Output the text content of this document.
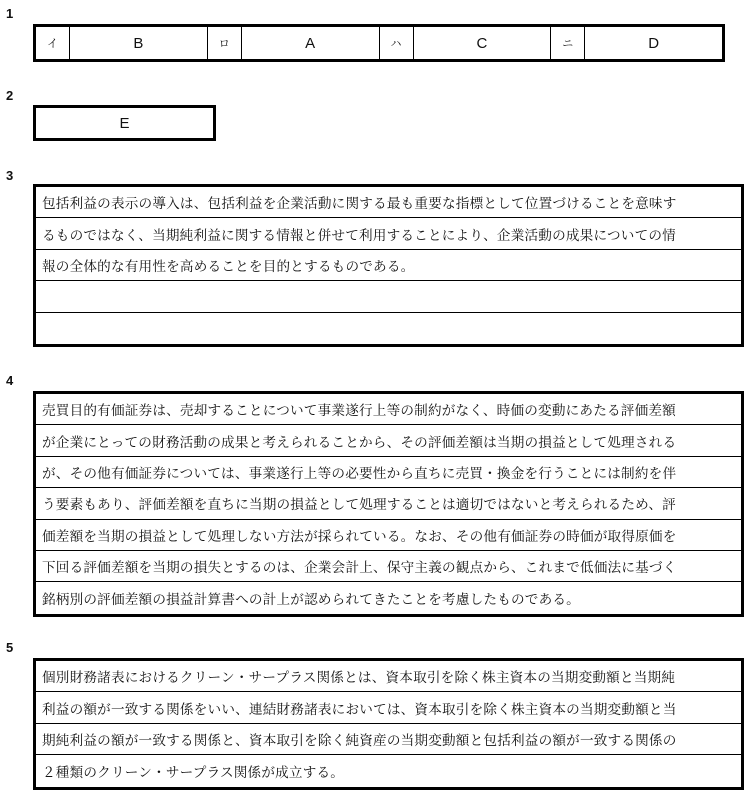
1
イ	B	ロ	A	ハ	C	ニ	D
2
E
3
包括利益の表示の導入は、包括利益を企業活動に関する最も重要な指標として位置づけることを意味す
るものではなく、当期純利益に関する情報と併せて利用することにより、企業活動の成果についての情
報の全体的な有用性を高めることを目的とするものである。
4
売買目的有価証券は、売却することについて事業遂行上等の制約がなく、時価の変動にあたる評価差額
が企業にとっての財務活動の成果と考えられることから、その評価差額は当期の損益として処理される
が、その他有価証券については、事業遂行上等の必要性から直ちに売買・換金を行うことには制約を伴
う要素もあり、評価差額を直ちに当期の損益として処理することは適切ではないと考えられるため、評
価差額を当期の損益として処理しない方法が採られている。なお、その他有価証券の時価が取得原価を
下回る評価差額を当期の損失とするのは、企業会計上、保守主義の観点から、これまで低価法に基づく
銘柄別の評価差額の損益計算書への計上が認められてきたことを考慮したものである。
5
個別財務諸表におけるクリーン・サープラス関係とは、資本取引を除く株主資本の当期変動額と当期純
利益の額が一致する関係をいい、連結財務諸表においては、資本取引を除く株主資本の当期変動額と当
期純利益の額が一致する関係と、資本取引を除く純資産の当期変動額と包括利益の額が一致する関係の
２種類のクリーン・サープラス関係が成立する。
